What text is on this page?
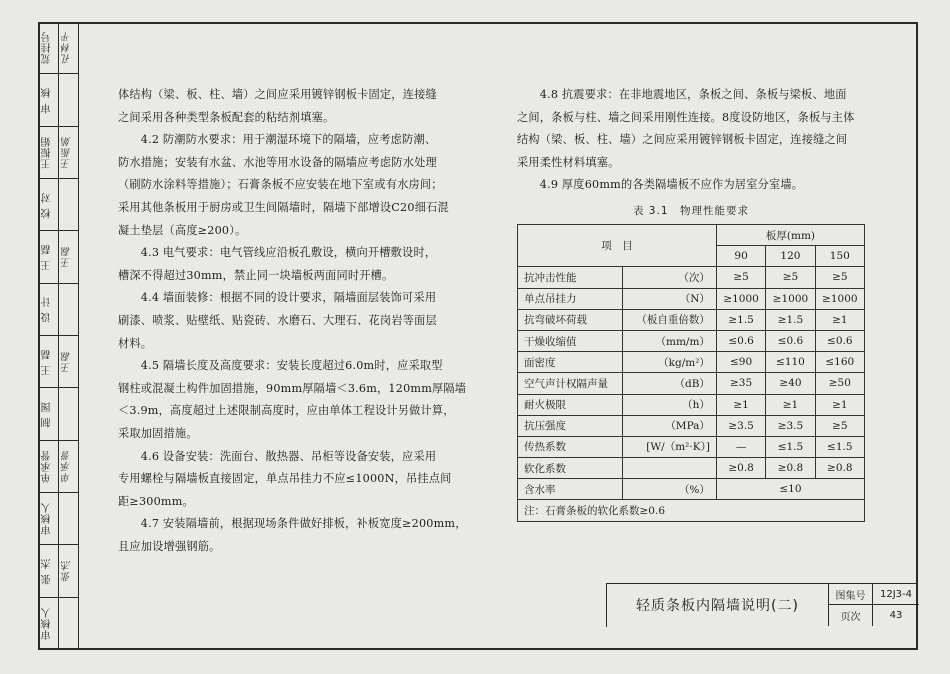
荒挂号 孔林平
审 核
王振娟 王振娟
校 对
王 磊 王磊
设 计
王 磊 王磊
制 图
单承誉 单承誉
审核人
张 杰 张杰
审核人

体结构（梁、板、柱、墙）之间应采用镀锌钢板卡固定，连接缝

之间采用各种类型条板配套的粘结剂填塞。

　　4.2 防潮防水要求：用于潮湿环境下的隔墙，应考虑防潮、

防水措施；安装有水盆、水池等用水设备的隔墙应考虑防水处理

（刷防水涂料等措施）；石膏条板不应安装在地下室或有水房间；

采用其他条板用于厨房或卫生间隔墙时，隔墙下部增设C20细石混

凝土垫层（高度≥200）。

　　4.3 电气要求：电气管线应沿板孔敷设，横向开槽敷设时，

槽深不得超过30mm，禁止同一块墙板两面同时开槽。

　　4.4 墙面装修：根据不同的设计要求，隔墙面层装饰可采用

刷漆、喷浆、贴壁纸、贴瓷砖、水磨石、大理石、花岗岩等面层

材料。

　　4.5 隔墙长度及高度要求：安装长度超过6.0m时，应采取型

钢柱或混凝土构件加固措施，90mm厚隔墙＜3.6m，120mm厚隔墙

＜3.9m，高度超过上述限制高度时，应由单体工程设计另做计算，

采取加固措施。

　　4.6 设备安装：洗面台、散热器、吊柜等设备安装，应采用

专用螺栓与隔墙板直接固定，单点吊挂力不应≤1000N，吊挂点间

距≥300mm。

　　4.7 安装隔墙前，根据现场条件做好排板，补板宽度≥200mm，

且应加设增强钢筋。

　　4.8 抗震要求：在非地震地区，条板之间、条板与梁板、地面

之间，条板与柱、墙之间采用刚性连接。8度设防地区，条板与主体

结构（梁、板、柱、墙）之间应采用镀锌钢板卡固定，连接缝之间

采用柔性材料填塞。

　　4.9 厚度60mm的各类隔墙板不应作为居室分室墙。

表 3.1　物理性能要求
项　目		板厚(mm)		
		90	120	150
抗冲击性能	（次）	≥5	≥5	≥5
单点吊挂力	（N）	≥1000	≥1000	≥1000
抗弯破坏荷载	（板自重倍数）	≥1.5	≥1.5	≥1
干燥收缩值	（mm/m）	≤0.6	≤0.6	≤0.6
面密度	（kg/m²）	≤90	≤110	≤160
空气声计权隔声量	（dB）	≥35	≥40	≥50
耐火极限	（h）	≥1	≥1	≥1
抗压强度	（MPa）	≥3.5	≥3.5	≥5
传热系数	[W/（m²·K）]	—	≤1.5	≤1.5
软化系数		≥0.8	≥0.8	≥0.8
含水率	（%）	≤10		
注：石膏条板的软化系数≥0.6				
轻质条板内隔墙说明(二)
图集号	12J3-4
页次	43
